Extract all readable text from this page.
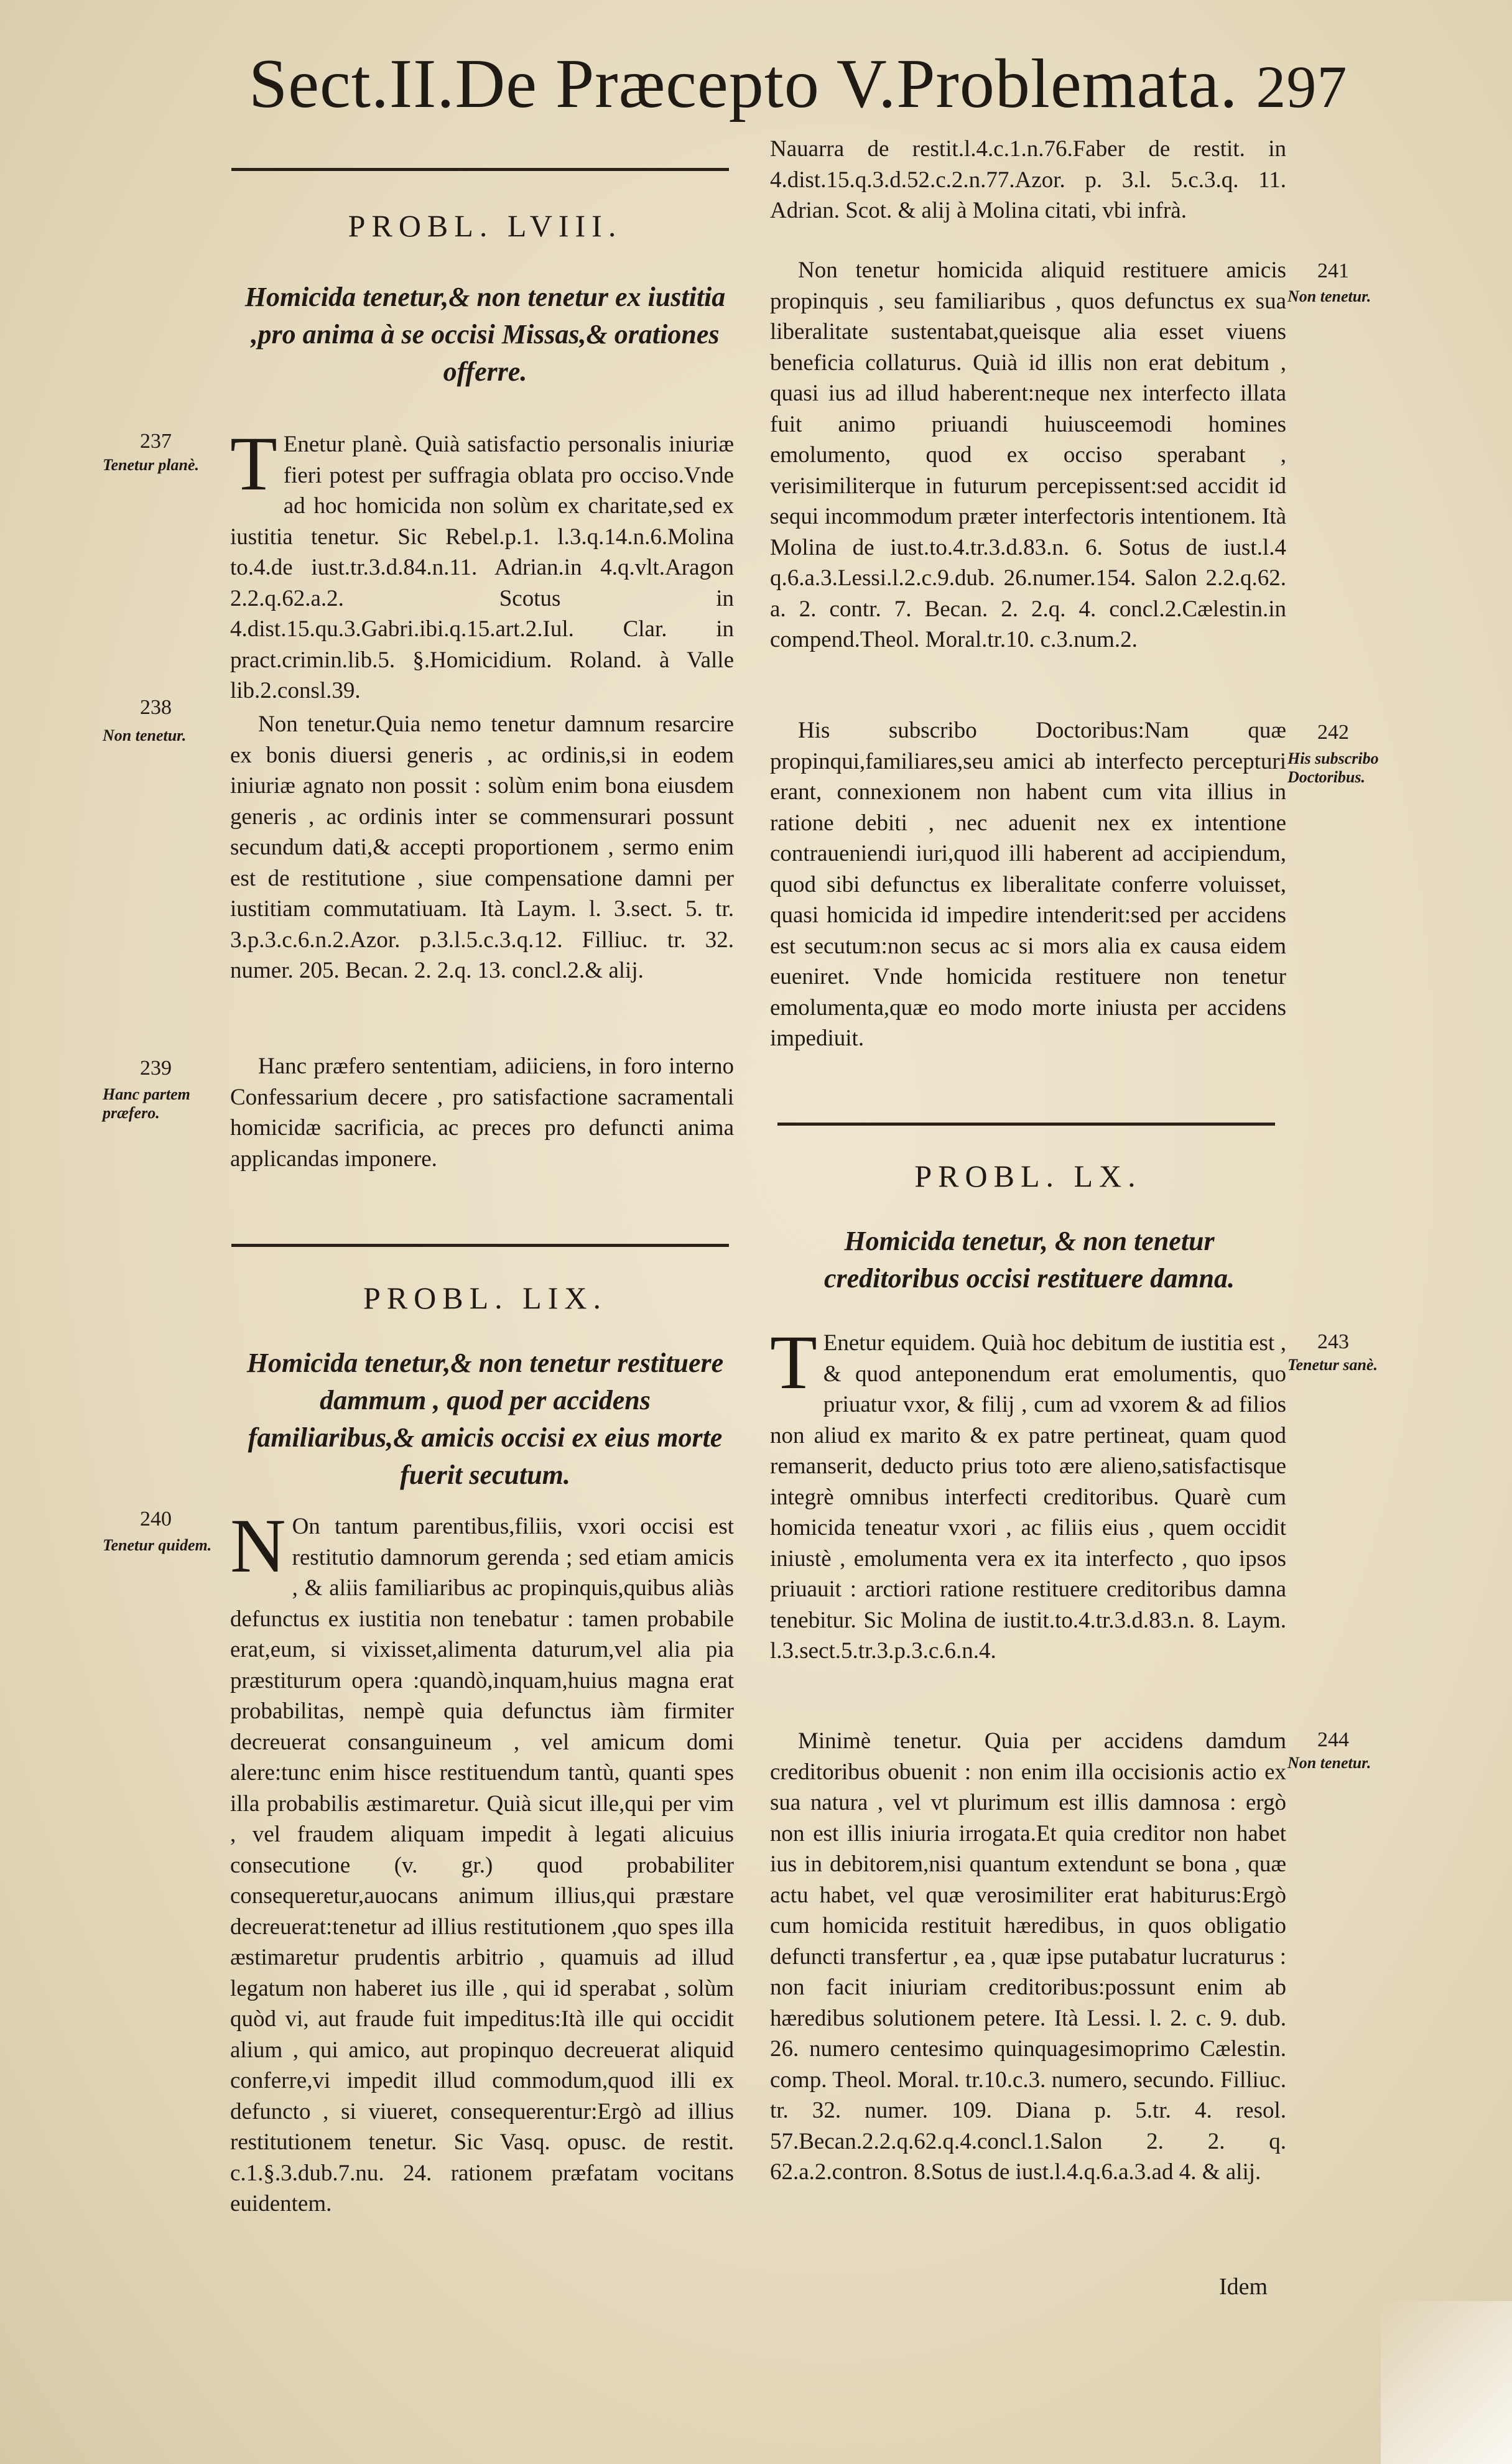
Sect.II.De Præcepto V.Problemata. 297
PROBL. LVIII.
Homicida tenetur,& non tenetur ex iustitia ,pro anima à se occisi Missas,& orationes offerre.
237
Tenetur planè. T Enetur planè. Quià satisfactio personalis iniuriæ fieri potest per suffragia oblata pro occiso.Vnde ad hoc homicida non solùm ex charitate,sed ex iustitia tenetur. Sic Rebel.p.1. l.3.q.14.n.6.Molina to.4.de iust.tr.3.d.84.n.11. Adrian.in 4.q.vlt.Aragon 2.2.q.62.a.2. Scotus in 4.dist.15.qu.3.Gabri.ibi.q.15.art.2.Iul. Clar. in pract.crimin.lib.5. §.Homicidium. Roland. à Valle lib.2.consl.39.
238
Non tenetur.	Non tenetur.Quia nemo tenetur damnum resarcire ex bonis diuersi generis , ac ordinis,si in eodem iniuriæ agnato non possit : solùm enim bona eiusdem generis , ac ordinis inter se commensurari possunt secundum dati,& accepti proportionem , sermo enim est de restitutione , siue compensatione damni per iustitiam commutatiuam. Ità Laym. l. 3.sect. 5. tr. 3.p.3.c.6.n.2.Azor. p.3.l.5.c.3.q.12. Filliuc. tr. 32. numer. 205. Becan. 2. 2.q. 13. concl.2.& alij.
239
Hanc partem præfero.
Hanc præfero sententiam, adiiciens, in foro interno Confessarium decere , pro satisfactione sacramentali homicidæ sacrificia, ac preces pro defuncti anima applicandas imponere.
PROBL. LIX.
Homicida tenetur,& non tenetur restituere dammum , quod per accidens familiaribus,& amicis occisi ex eius morte fuerit secutum.
240
Tenetur quidem. N On tantum parentibus,filiis, vxori occisi est restitutio damnorum gerenda ; sed etiam amicis , & aliis familiaribus ac propinquis,quibus aliàs defunctus ex iustitia non tenebatur : tamen probabile erat,eum, si vixisset,alimenta daturum,vel alia pia præstiturum opera :quandò,inquam,huius magna erat probabilitas, nempè quia defunctus iàm firmiter decreuerat consanguineum , vel amicum domi alere:tunc enim hisce restituendum tantù, quanti spes illa probabilis æstimaretur. Quià sicut ille,qui per vim , vel fraudem aliquam impedit à legati alicuius consecutione (v. gr.) quod probabiliter consequeretur,auocans animum illius,qui præstare decreuerat:tenetur ad illius restitutionem ,quo spes illa æstimaretur prudentis arbitrio , quamuis ad illud legatum non haberet ius ille , qui id sperabat , solùm quòd vi, aut fraude fuit impeditus:Ità ille qui occidit alium , qui amico, aut propinquo decreuerat aliquid conferre,vi impedit illud commodum,quod illi ex defuncto , si viueret, consequerentur:Ergò ad illius restitutionem tenetur. Sic Vasq. opusc. de restit. c.1.§.3.dub.7.nu. 24. rationem præfatam vocitans euidentem.
Nauarra de restit.l.4.c.1.n.76.Faber de restit. in 4.dist.15.q.3.d.52.c.2.n.77.Azor. p. 3.l. 5.c.3.q. 11. Adrian. Scot. & alij à Molina citati, vbi infrà.
241
Non tenetur.
Non tenetur homicida aliquid restituere amicis propinquis , seu familiaribus , quos defunctus ex sua liberalitate sustentabat,queisque alia esset viuens beneficia collaturus. Quià id illis non erat debitum , quasi ius ad illud haberent:neque nex interfecto illata fuit animo priuandi huiusceemodi homines emolumento, quod ex occiso sperabant , verisimiliterque in futurum percepissent:sed accidit id sequi incommodum præter interfectoris intentionem. Ità Molina de iust.to.4.tr.3.d.83.n. 6. Sotus de iust.l.4 q.6.a.3.Lessi.l.2.c.9.dub. 26.numer.154. Salon 2.2.q.62. a. 2. contr. 7. Becan. 2. 2.q. 4. concl.2.Cælestin.in compend.Theol. Moral.tr.10. c.3.num.2.
242
His subscribo Doctoribus.
His subscribo Doctoribus:Nam quæ propinqui,familiares,seu amici ab interfecto percepturi erant, connexionem non habent cum vita illius in ratione debiti , nec aduenit nex ex intentione contraueniendi iuri,quod illi haberent ad accipiendum, quod sibi defunctus ex liberalitate conferre voluisset, quasi homicida id impedire intenderit:sed per accidens est secutum:non secus ac si mors alia ex causa eidem eueniret. Vnde homicida restituere non tenetur emolumenta,quæ eo modo morte iniusta per accidens impediuit.
PROBL. LX.
Homicida tenetur, & non tenetur creditoribus occisi restituere damna.
243
Tenetur sanè.
T Enetur equidem. Quià hoc debitum de iustitia est , & quod anteponendum erat emolumentis, quo priuatur vxor, & filij , cum ad vxorem & ad filios non aliud ex marito & ex patre pertineat, quam quod remanserit, deducto prius toto ære alieno,satisfactisque integrè omnibus interfecti creditoribus. Quarè cum homicida teneatur vxori , ac filiis eius , quem occidit iniustè , emolumenta vera ex ita interfecto , quo ipsos priuauit : arctiori ratione restituere creditoribus damna tenebitur. Sic Molina de iustit.to.4.tr.3.d.83.n. 8. Laym. l.3.sect.5.tr.3.p.3.c.6.n.4.
244
Non tenetur.
Minimè tenetur. Quia per accidens damdum creditoribus obuenit : non enim illa occisionis actio ex sua natura , vel vt plurimum est illis damnosa : ergò non est illis iniuria irrogata.Et quia creditor non habet ius in debitorem,nisi quantum extendunt se bona , quæ actu habet, vel quæ verosimiliter erat habiturus:Ergò cum homicida restituit hæredibus, in quos obligatio defuncti transfertur , ea , quæ ipse putabatur lucraturus : non facit iniuriam creditoribus:possunt enim ab hæredibus solutionem petere. Ità Lessi. l. 2. c. 9. dub. 26. numero centesimo quinquagesimoprimo Cælestin. comp. Theol. Moral. tr.10.c.3. numero, secundo. Filliuc. tr. 32. numer. 109. Diana p. 5.tr. 4. resol. 57.Becan.2.2.q.62.q.4.concl.1.Salon 2. 2. q. 62.a.2.contron. 8.Sotus de iust.l.4.q.6.a.3.ad 4. & alij.
Idem
